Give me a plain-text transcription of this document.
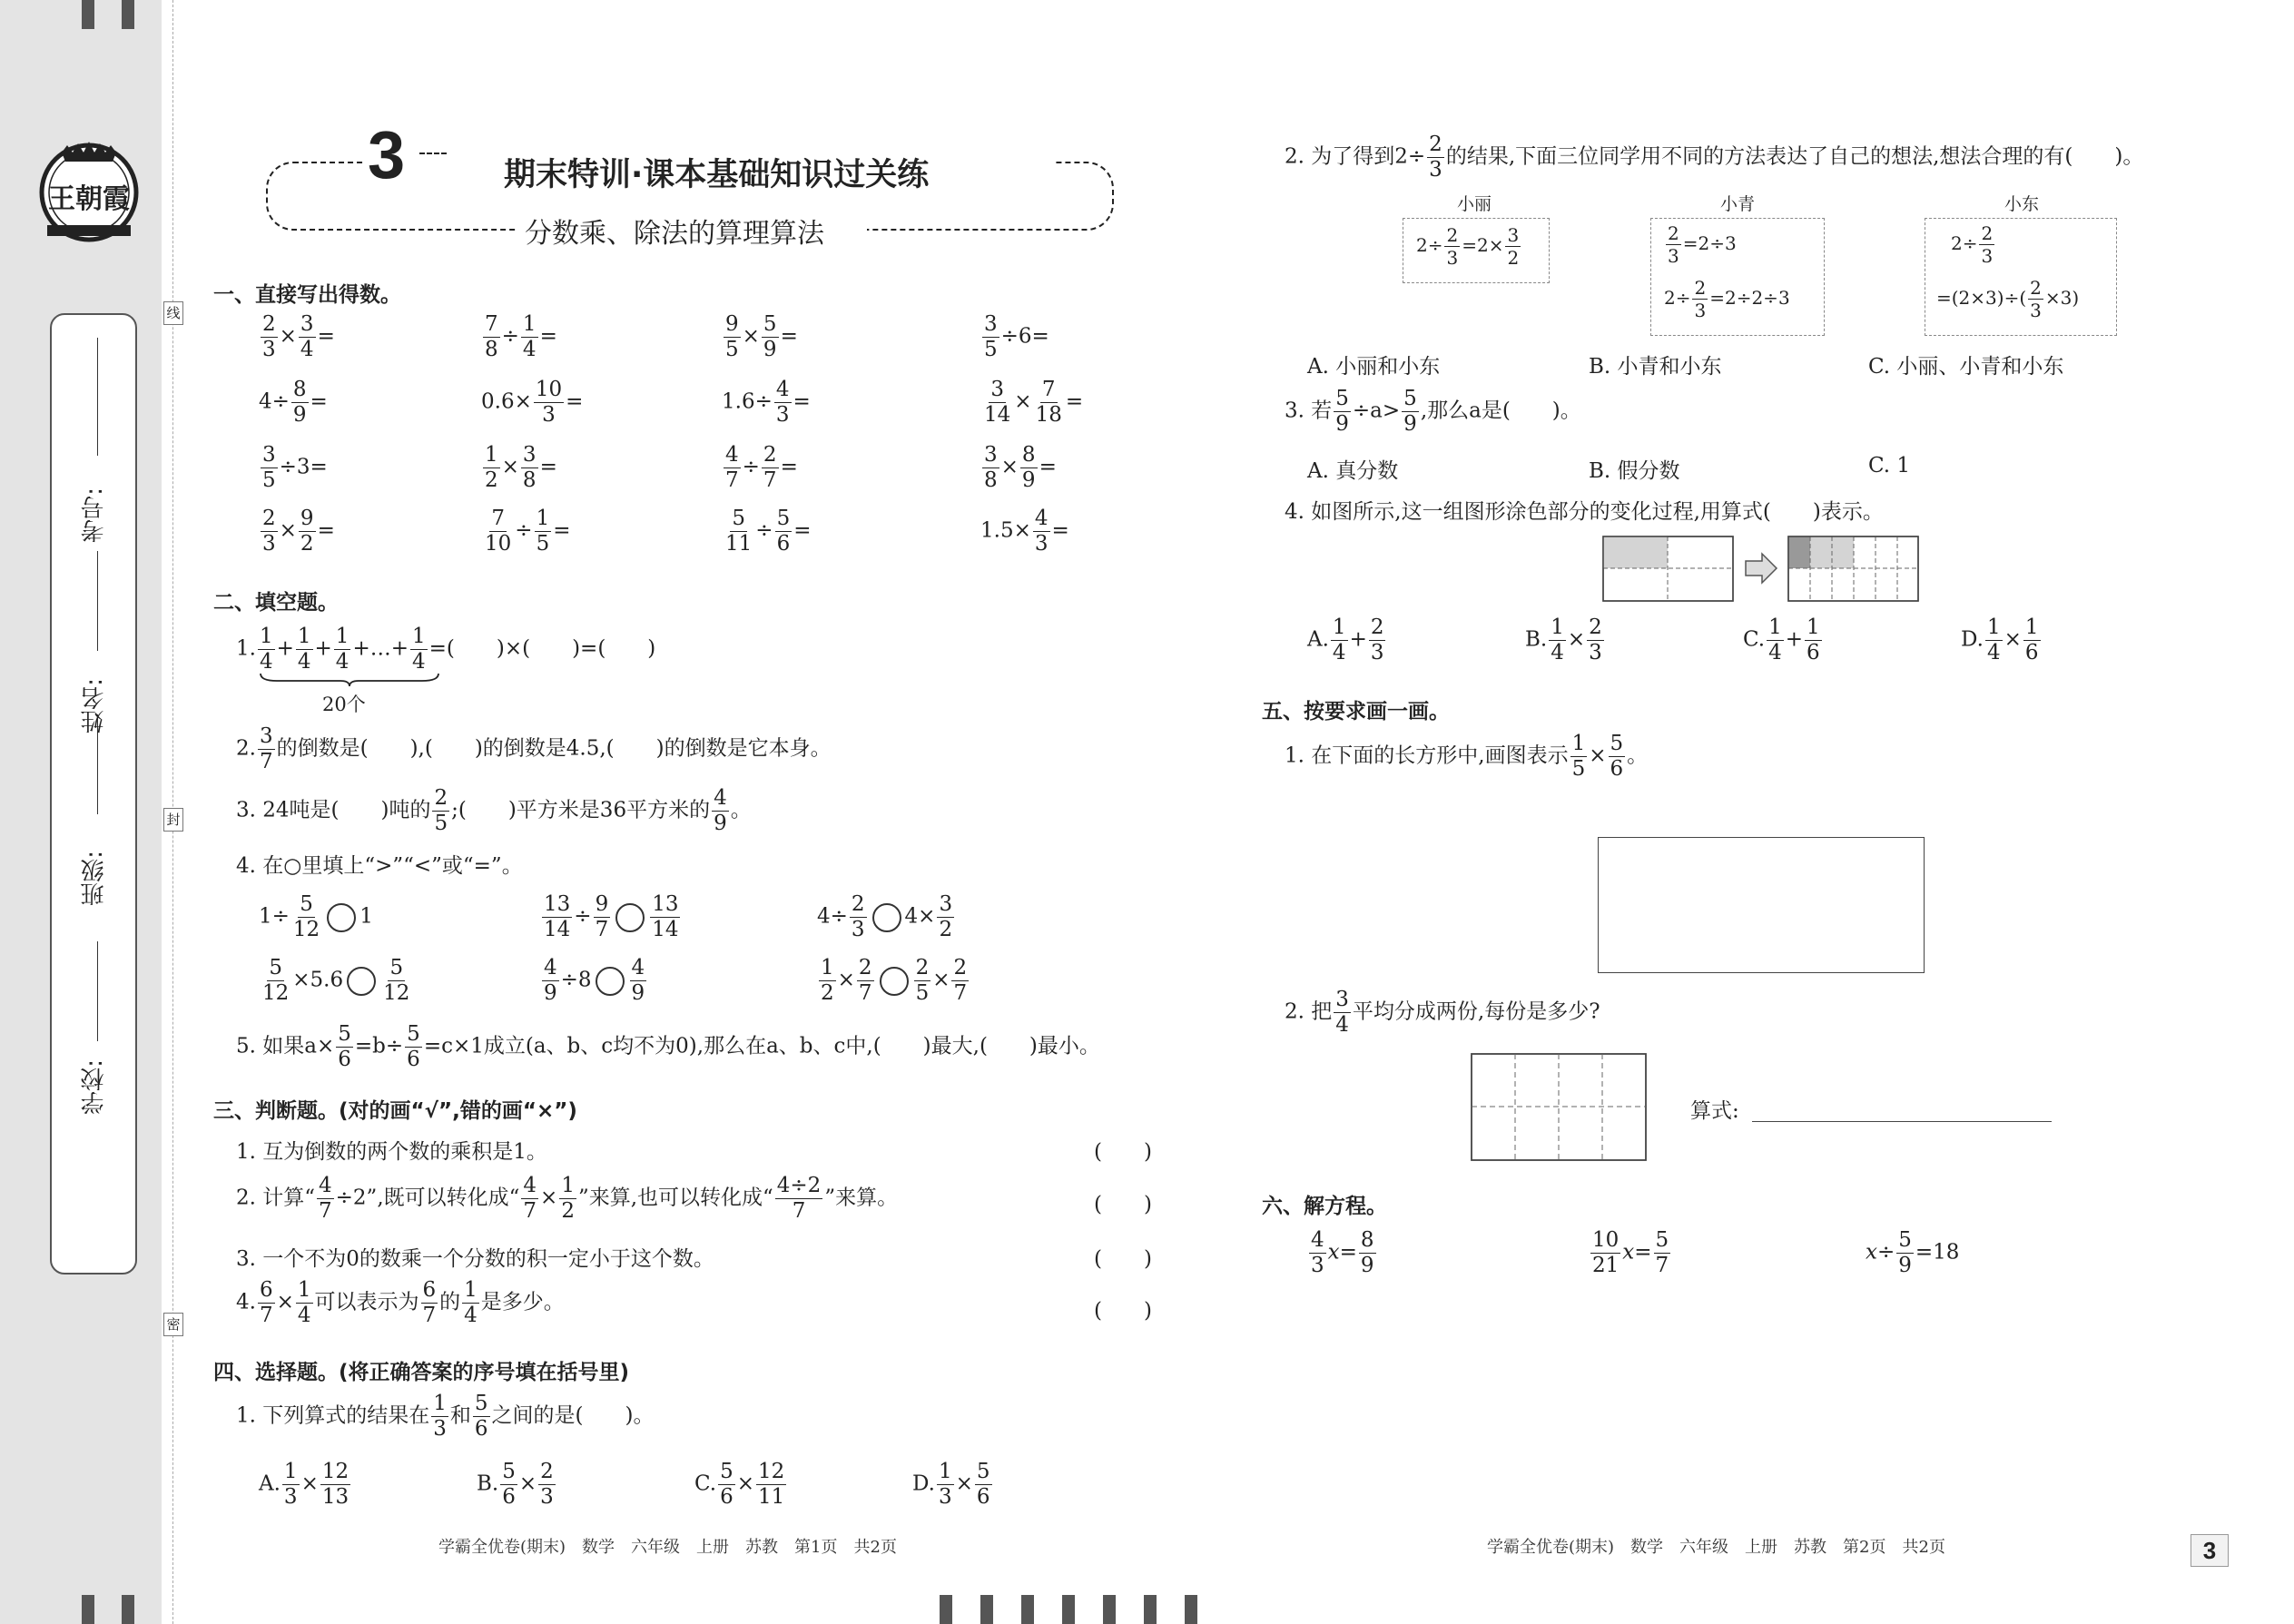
王朝霞
学校:
班级:
姓名:
考号:
线
封
密
3	期末特训·课本基础知识过关练
分数乘、除法的算理算法
一、直接写出得数。
$\frac{2}{3} \times \frac{3}{4}$ =	$\frac{7}{8} \div \frac{1}{4}$ =	$\frac{9}{5} \times \frac{5}{9}$ =	$\frac{3}{5} \div 6=$
$4\div \frac{8}{9}$ =	$0.6\times \frac{10}{3}$ =	$1.6\div \frac{4}{3}$ =	$\frac{3}{14} \times \frac{7}{18}$ =
$\frac{3}{5} \div 3=$	$\frac{1}{2} \times \frac{3}{8}$ =	$\frac{4}{7} \div \frac{2}{7}$ =	$\frac{3}{8} \times \frac{8}{9}$ =
$\frac{2}{3} \times \frac{9}{2}$ =	$\frac{7}{10} \div \frac{1}{5}$ =	$\frac{5}{11} \div \frac{5}{6}$ =	$1.5\times \frac{4}{3}$ =
二、填空题。
1. $\frac{1}{4} + \frac{1}{4} + \frac{1}{4}$ +…+ $\frac{1}{4}$ =(　　)×(　　)=(　　)
20个
2. $\frac{3}{7}$ 的倒数是(　　),(　　)的倒数是4.5,(　　)的倒数是它本身。
3. 24吨是(　　)吨的 $\frac{2}{5}$ ;(　　)平方米是36平方米的 $\frac{4}{9}$ 。
4. 在○里填上“>”“<”或“=”。
$1\div \frac{5}{12} 1$	$\frac{13}{14} \div \frac{9}{7} \frac{13}{14}$	$4\div \frac{2}{3} 4\times \frac{3}{2}$
$\frac{5}{12} \times 5.6 \frac{5}{12}$	$\frac{4}{9} \div 8 \frac{4}{9}$	$\frac{1}{2} \times \frac{2}{7} \frac{2}{5} \times \frac{2}{7}$
5. 如果$a\times \frac{5}{6} =b\div \frac{5}{6} =c\times 1$成立(a、b、c均不为0),那么在a、b、c中,(　　)最大,(　　)最小。
三、判断题。(对的画“√”,错的画“×”)
1. 互为倒数的两个数的乘积是1。	(　　)
2. 计算“ $\frac{4}{7} \div 2$”,既可以转化成“ $\frac{4}{7} \times \frac{1}{2}$ ”来算,也可以转化成“ $\frac{4\div 2}{7}$ ”来算。	(　　)
3. 一个不为0的数乘一个分数的积一定小于这个数。	(　　)
4. $\frac{6}{7} \times \frac{1}{4}$ 可以表示为 $\frac{6}{7}$ 的 $\frac{1}{4}$ 是多少。	(　　)
四、选择题。(将正确答案的序号填在括号里)
1. 下列算式的结果在 $\frac{1}{3}$ 和 $\frac{5}{6}$ 之间的是(　　)。
A. $\frac{1}{3} \times \frac{12}{13}$	B. $\frac{5}{6} \times \frac{2}{3}$	C. $\frac{5}{6} \times \frac{12}{11}$	D. $\frac{1}{3} \times \frac{5}{6}$
学霸全优卷(期末)　数学　六年级　上册　苏教　第1页　共2页
2. 为了得到$2\div \frac{2}{3}$ 的结果,下面三位同学用不同的方法表达了自己的想法,想法合理的有(　　)。
小丽	小青	小东
$2\div \frac{2}{3} =2\times \frac{3}{2}$	$\frac{2}{3} =2\div 3$
$2\div \frac{2}{3} =2\div 2\div 3$
$2\div \frac{2}{3}$
$=(2\times 3)\div( \frac{2}{3} \times 3)$
A. 小丽和小东	B. 小青和小东	C. 小丽、小青和小东
3. 若 $\frac{5}{9} \div a> \frac{5}{9}$ ,那么a是(　　)。
A. 真分数	B. 假分数	C. 1
4. 如图所示,这一组图形涂色部分的变化过程,用算式(　　)表示。
A. $\frac{1}{4} + \frac{2}{3}$	B. $\frac{1}{4} \times \frac{2}{3}$	C. $\frac{1}{4} + \frac{1}{6}$	D. $\frac{1}{4} \times \frac{1}{6}$
五、按要求画一画。
1. 在下面的长方形中,画图表示 $\frac{1}{5} \times \frac{5}{6}$ 。
2. 把 $\frac{3}{4}$ 平均分成两份,每份是多少?
算式:
六、解方程。
$\frac{4}{3} x= \frac{8}{9}$	$\frac{10}{21} x= \frac{5}{7}$	$x\div \frac{5}{9} =18$
学霸全优卷(期末)　数学　六年级　上册　苏教　第2页　共2页	3
